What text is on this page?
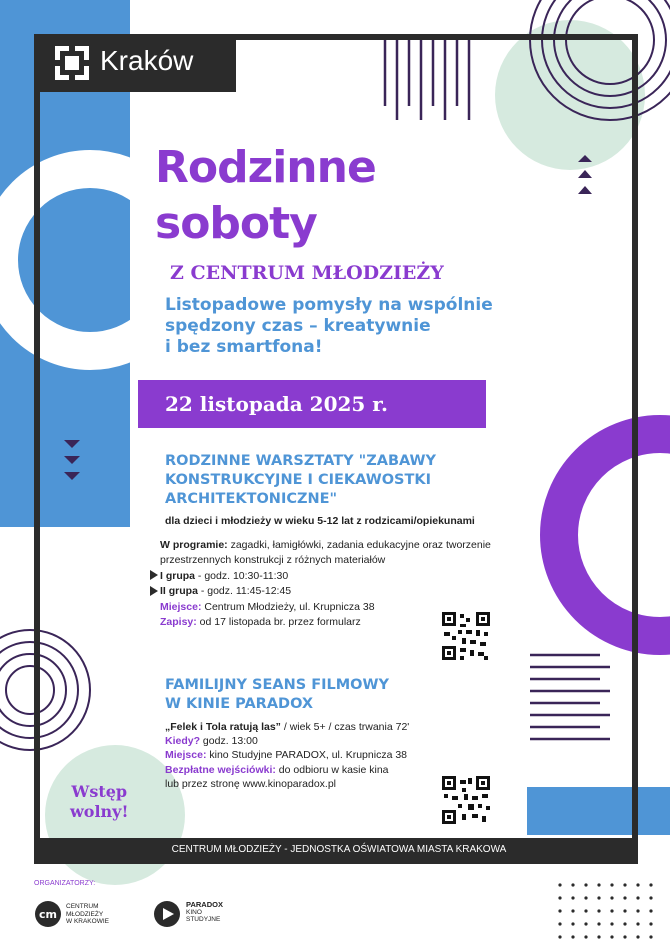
Kraków
Rodzinne
soboty
Z CENTRUM MŁODZIEŻY
Listopadowe pomysły na wspólnie
spędzony czas – kreatywnie
i bez smartfona!
22 listopada 2025 r.
RODZINNE WARSZTATY "ZABAWY
KONSTRUKCYJNE I CIEKAWOSTKI
ARCHITEKTONICZNE"
dla dzieci i młodzieży w wieku 5-12 lat z rodzicami/opiekunami
W programie: zagadki, łamigłówki, zadania edukacyjne oraz tworzenie przestrzennych konstrukcji z różnych materiałów
I grupa - godz. 10:30-11:30
II grupa - godz. 11:45-12:45
Miejsce: Centrum Młodzieży, ul. Krupnicza 38
Zapisy: od 17 listopada br. przez formularz
FAMILIJNY SEANS FILMOWY
W KINIE PARADOX
„Felek i Tola ratują las” / wiek 5+ / czas trwania 72'
Kiedy? godz. 13:00
Miejsce: kino Studyjne PARADOX, ul. Krupnicza 38
Bezpłatne wejściówki: do odbioru w kasie kina
lub przez stronę www.kinoparadox.pl
Wstęp
wolny!
CENTRUM MŁODZIEŻY - JEDNOSTKA OŚWIATOWA MIASTA KRAKOWA
ORGANIZATORZY:
cm
CENTRUM
MŁODZIEŻY
W KRAKOWIE
PARADOX
KINO
STUDYJNE
